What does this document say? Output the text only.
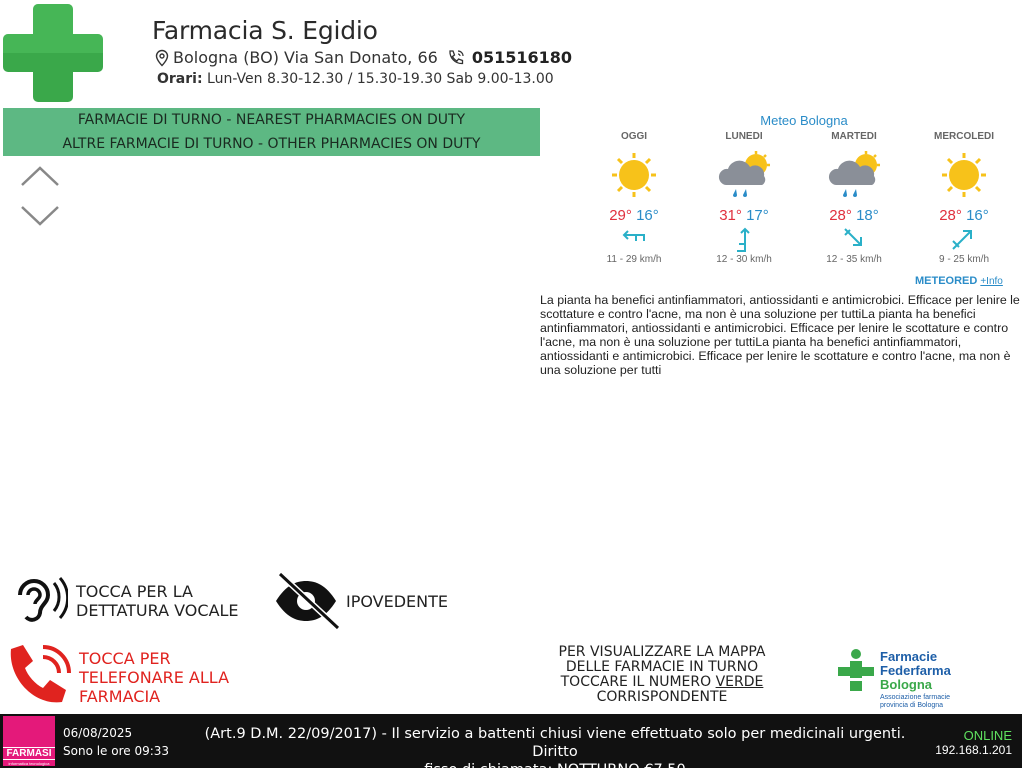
Farmacia S. Egidio
Bologna (BO) Via San Donato, 66 051516180
Orari: Lun-Ven 8.30-12.30 / 15.30-19.30 Sab 9.00-13.00
FARMACIE DI TURNO - NEAREST PHARMACIES ON DUTY
ALTRE FARMACIE DI TURNO - OTHER PHARMACIES ON DUTY
Meteo Bologna
OGGI
29° 16°
11 - 29 km/h
LUNEDI
31° 17°
12 - 30 km/h
MARTEDI
28° 18°
12 - 35 km/h
MERCOLEDI
28° 16°
9 - 25 km/h
METEORED +Info
La pianta ha benefici antinfiammatori, antiossidanti e antimicrobici. Efficace per lenire le scottature e contro l'acne, ma non è una soluzione per tuttiLa pianta ha benefici antinfiammatori, antiossidanti e antimicrobici. Efficace per lenire le scottature e contro l'acne, ma non è una soluzione per tuttiLa pianta ha benefici antinfiammatori, antiossidanti e antimicrobici. Efficace per lenire le scottature e contro l'acne, ma non è una soluzione per tutti
TOCCA PER LA
DETTATURA VOCALE	IPOVEDENTE
TOCCA PER
TELEFONARE ALLA
FARMACIA
PER VISUALIZZARE LA MAPPA
DELLE FARMACIE IN TURNO
TOCCARE IL NUMERO VERDE
CORRISPONDENTE
Farmacie
Federfarma
Bologna
Associazione farmacie
provincia di Bologna
FARMASI
informatica tecnologica
06/08/2025
Sono le ore 09:33
(Art.9 D.M. 22/09/2017) - Il servizio a battenti chiusi viene effettuato solo per medicinali urgenti. Diritto
fisso di chiamata: NOTTURNO €7,50
ONLINE
192.168.1.201
